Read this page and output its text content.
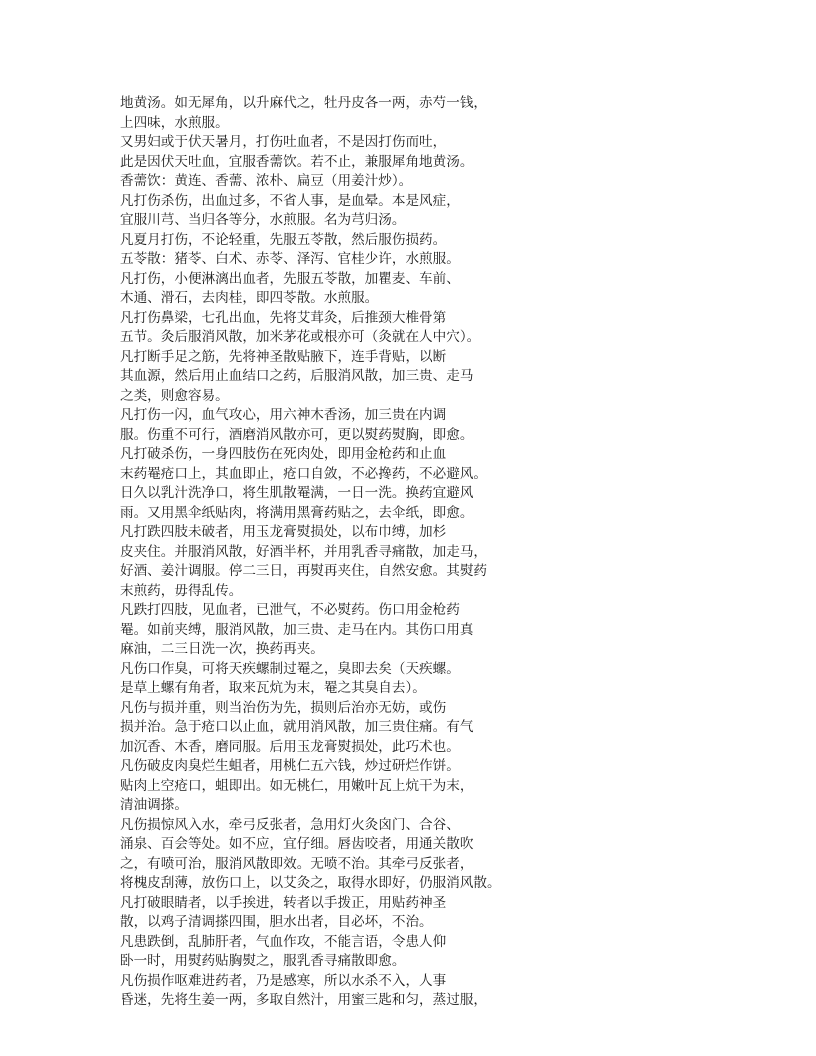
地黄汤。如无犀角，以升麻代之，牡丹皮各一两，赤芍一钱，
上四味，水煎服。
又男妇或于伏天暑月，打伤吐血者，不是因打伤而吐，
此是因伏天吐血，宜服香薷饮。若不止，兼服犀角地黄汤。
香薷饮：黄连、香薷、浓朴、扁豆（用姜汁炒）。
凡打伤杀伤，出血过多，不省人事，是血晕。本是风症，
宜服川芎、当归各等分，水煎服。名为芎归汤。
凡夏月打伤，不论轻重，先服五苓散，然后服伤损药。
五苓散：猪苓、白术、赤苓、泽泻、官桂少许，水煎服。
凡打伤，小便淋漓出血者，先服五苓散，加瞿麦、车前、
木通、滑石，去肉桂，即四苓散。水煎服。
凡打伤鼻梁，七孔出血，先将艾茸灸，后推颈大椎骨第
五节。灸后服消风散，加米茅花或根亦可（灸就在人中穴）。
凡打断手足之筋，先将神圣散贴腋下，连手背贴，以断
其血源，然后用止血结口之药，后服消风散，加三贵、走马
之类，则愈容易。
凡打伤一闪，血气攻心，用六神木香汤，加三贵在内调
服。伤重不可行，酒磨消风散亦可，更以熨药熨胸，即愈。
凡打破杀伤，一身四肢伤在死肉处，即用金枪药和止血
末药罨疮口上，其血即止，疮口自敛，不必搀药，不必避风。
日久以乳汁洗净口，将生肌散罨满，一日一洗。换药宜避风
雨。又用黑伞纸贴肉，将满用黑膏药贴之，去伞纸，即愈。
凡打跌四肢未破者，用玉龙膏熨损处，以布巾缚，加杉
皮夹住。并服消风散，好酒半杯，并用乳香寻痛散，加走马，
好酒、姜汁调服。停二三日，再熨再夹住，自然安愈。其熨药
末煎药，毋得乱传。
凡跌打四肢，见血者，已泄气，不必熨药。伤口用金枪药
罨。如前夹缚，服消风散，加三贵、走马在内。其伤口用真
麻油，二三日洗一次，换药再夹。
凡伤口作臭，可将天疾螺制过罨之，臭即去矣（天疾螺。
是草上螺有角者，取来瓦炕为末，罨之其臭自去）。
凡伤与损并重，则当治伤为先，损则后治亦无妨，或伤
损并治。急于疮口以止血，就用消风散，加三贵住痛。有气
加沉香、木香，磨同服。后用玉龙膏熨损处，此巧术也。
凡伤破皮肉臭烂生蛆者，用桃仁五六钱，炒过研烂作饼。
贴肉上空疮口，蛆即出。如无桃仁，用嫩叶瓦上炕干为末，
清油调搽。
凡伤损惊风入水，牵弓反张者，急用灯火灸囟门、合谷、
涌泉、百会等处。如不应，宜仔细。唇齿咬者，用通关散吹
之，有喷可治，服消风散即效。无喷不治。其牵弓反张者，
将槐皮刮薄，放伤口上，以艾灸之，取得水即好，仍服消风散。
凡打破眼睛者，以手挨进，转者以手拨正，用贴药神圣
散，以鸡子清调搽四围，胆水出者，目必坏，不治。
凡患跌倒，乱肺肝者，气血作攻，不能言语，令患人仰
卧一时，用熨药贴胸熨之，服乳香寻痛散即愈。
凡伤损作呕难进药者，乃是感寒，所以水杀不入，人事
昏迷，先将生姜一两，多取自然汁，用蜜三匙和匀，蒸过服，
